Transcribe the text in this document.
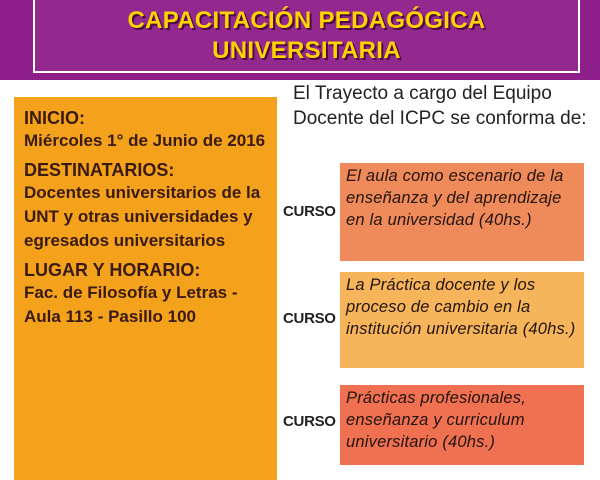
CAPACITACIÓN PEDAGÓGICA
UNIVERSITARIA
INICIO:
Miércoles 1° de Junio de 2016
DESTINATARIOS:
Docentes universitarios de la UNT y otras universidades y egresados universitarios
LUGAR Y HORARIO:
Fac. de Filosofía y Letras - Aula 113 - Pasillo 100
El Trayecto a cargo del Equipo Docente del ICPC se conforma de:
CURSO
El aula como escenario de la enseñanza y del aprendizaje en la universidad (40hs.)
CURSO
La Práctica docente y los proceso de cambio en la institución universitaria (40hs.)
CURSO
Prácticas profesionales, enseñanza y curriculum universitario (40hs.)
